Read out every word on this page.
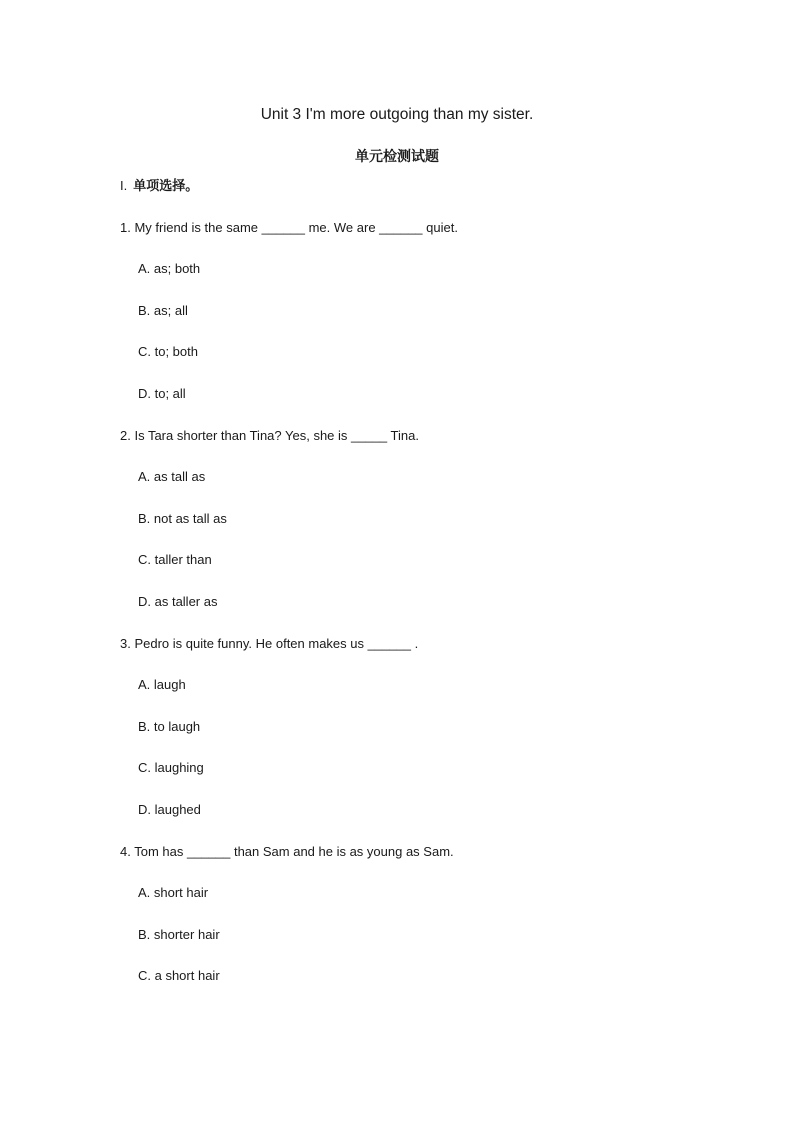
Unit 3 I'm more outgoing than my sister.
单元检测试题
I. 单项选择。
1. My friend is the same ______ me. We are ______ quiet.
A. as; both
B. as; all
C. to; both
D. to; all
2. Is Tara shorter than Tina? Yes, she is _____ Tina.
A. as tall as
B. not as tall as
C. taller than
D. as taller as
3. Pedro is quite funny. He often makes us ______ .
A. laugh
B. to laugh
C. laughing
D. laughed
4. Tom has ______ than Sam and he is as young as Sam.
A. short hair
B. shorter hair
C. a short hair
